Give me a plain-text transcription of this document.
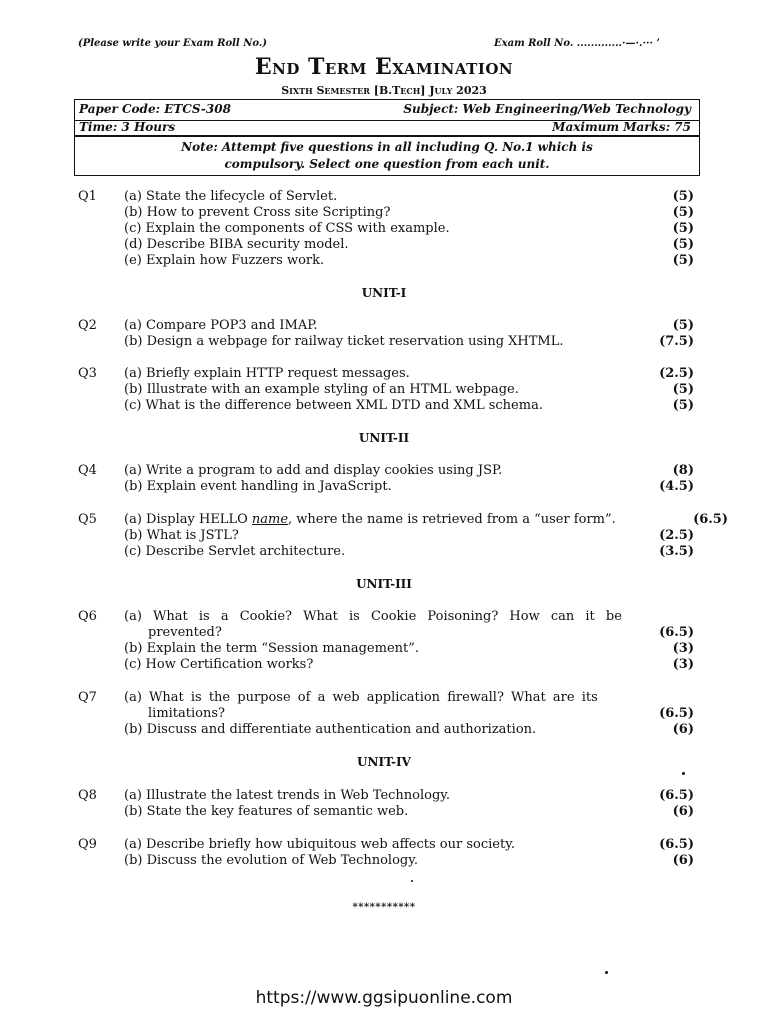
(Please write your Exam Roll No.)	Exam Roll No. .............·—·.··· ’
End Term Examination
Sixth Semester [B.Tech] July 2023
Paper Code: ETCS-308	Subject: Web Engineering/Web Technology
Time: 3 Hours	Maximum Marks: 75
Note: Attempt five questions in all including Q. No.1 which is
compulsory. Select one question from each unit.
Q1 (a) State the lifecycle of Servlet.	(5)
(b) How to prevent Cross site Scripting?	(5)
(c) Explain the components of CSS with example.	(5)
(d) Describe BIBA security model.	(5)
(e) Explain how Fuzzers work.	(5)
UNIT-I
Q2 (a) Compare POP3 and IMAP.	(5)
(b) Design a webpage for railway ticket reservation using XHTML.	(7.5)
Q3 (a) Briefly explain HTTP request messages.	(2.5)
(b) Illustrate with an example styling of an HTML webpage.	(5)
(c) What is the difference between XML DTD and XML schema.	(5)
UNIT-II
Q4 (a) Write a program to add and display cookies using JSP.	(8)
(b) Explain event handling in JavaScript.	(4.5)
Q5 (a) Display HELLO name, where the name is retrieved from a “user form”.	(6.5)
(b) What is JSTL?	(2.5)
(c) Describe Servlet architecture.	(3.5)
UNIT-III
Q6 (a) What is a Cookie? What is Cookie Poisoning? How can it be
prevented?	(6.5)
(b) Explain the term “Session management”.	(3)
(c) How Certification works?	(3)
Q7 (a) What is the purpose of a web application firewall? What are its
limitations?	(6.5)
(b) Discuss and differentiate authentication and authorization.	(6)
UNIT-IV
Q8 (a) Illustrate the latest trends in Web Technology.	(6.5)
(b) State the key features of semantic web.	(6)
Q9 (a) Describe briefly how ubiquitous web affects our society.	(6.5)
(b) Discuss the evolution of Web Technology.	(6)
***********
https://www.ggsipuonline.com
